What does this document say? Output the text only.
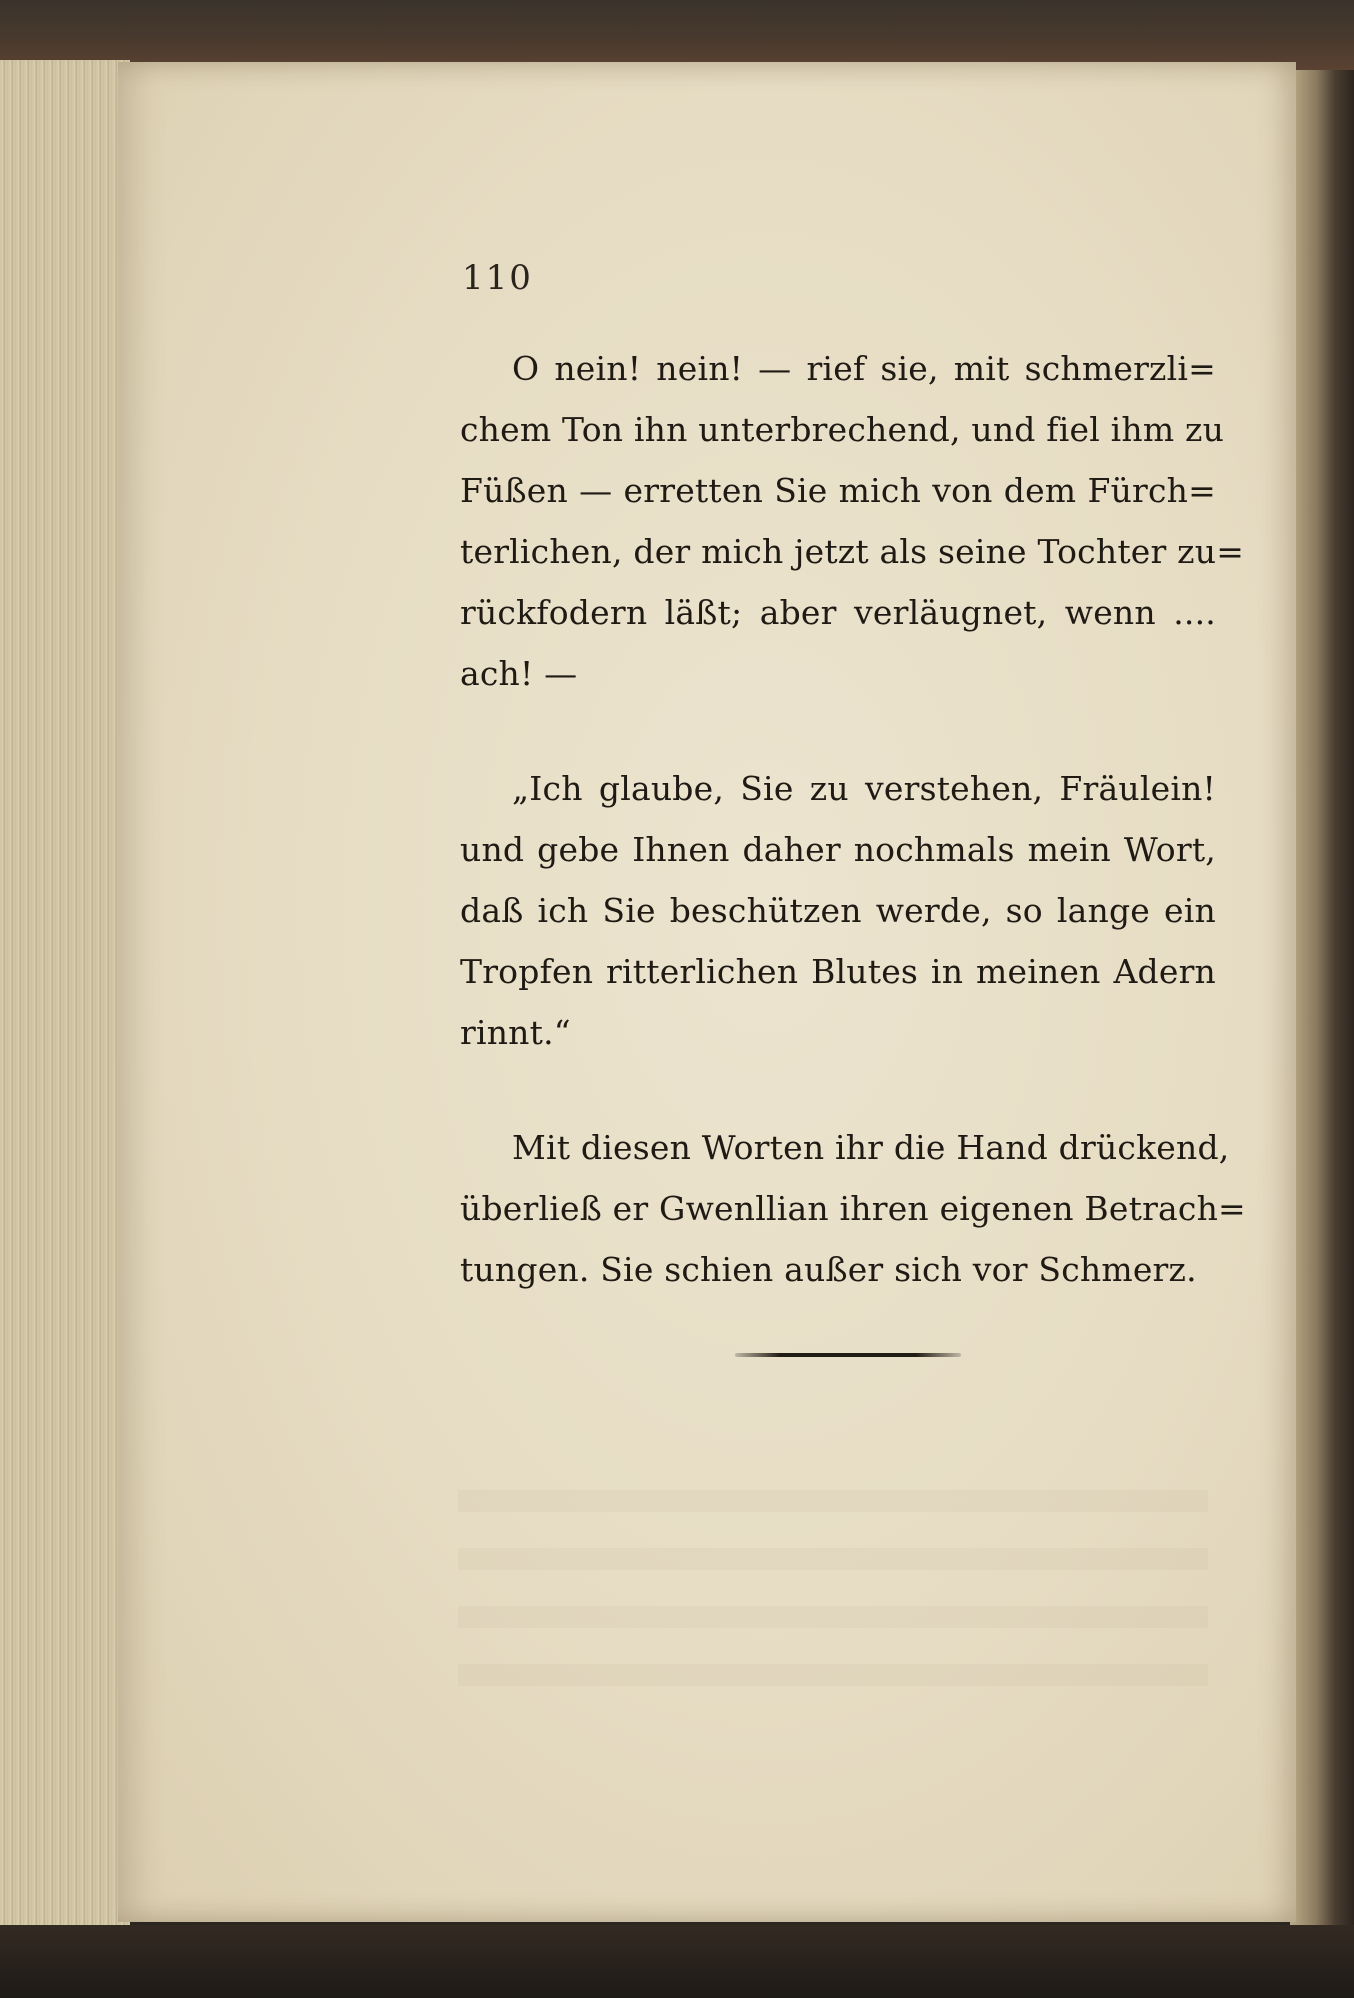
110
O nein! nein! — rief sie, mit schmerzli=
chem Ton ihn unterbrechend, und fiel ihm zu
Füßen — erretten Sie mich von dem Fürch=
terlichen, der mich jetzt als seine Tochter zu=
rückfodern läßt; aber verläugnet, wenn ....
ach! —
„Ich glaube, Sie zu verstehen, Fräulein!
und gebe Ihnen daher nochmals mein Wort,
daß ich Sie beschützen werde, so lange ein
Tropfen ritterlichen Blutes in meinen Adern
rinnt.“
Mit diesen Worten ihr die Hand drückend,
überließ er Gwenllian ihren eigenen Betrach=
tungen. Sie schien außer sich vor Schmerz.
